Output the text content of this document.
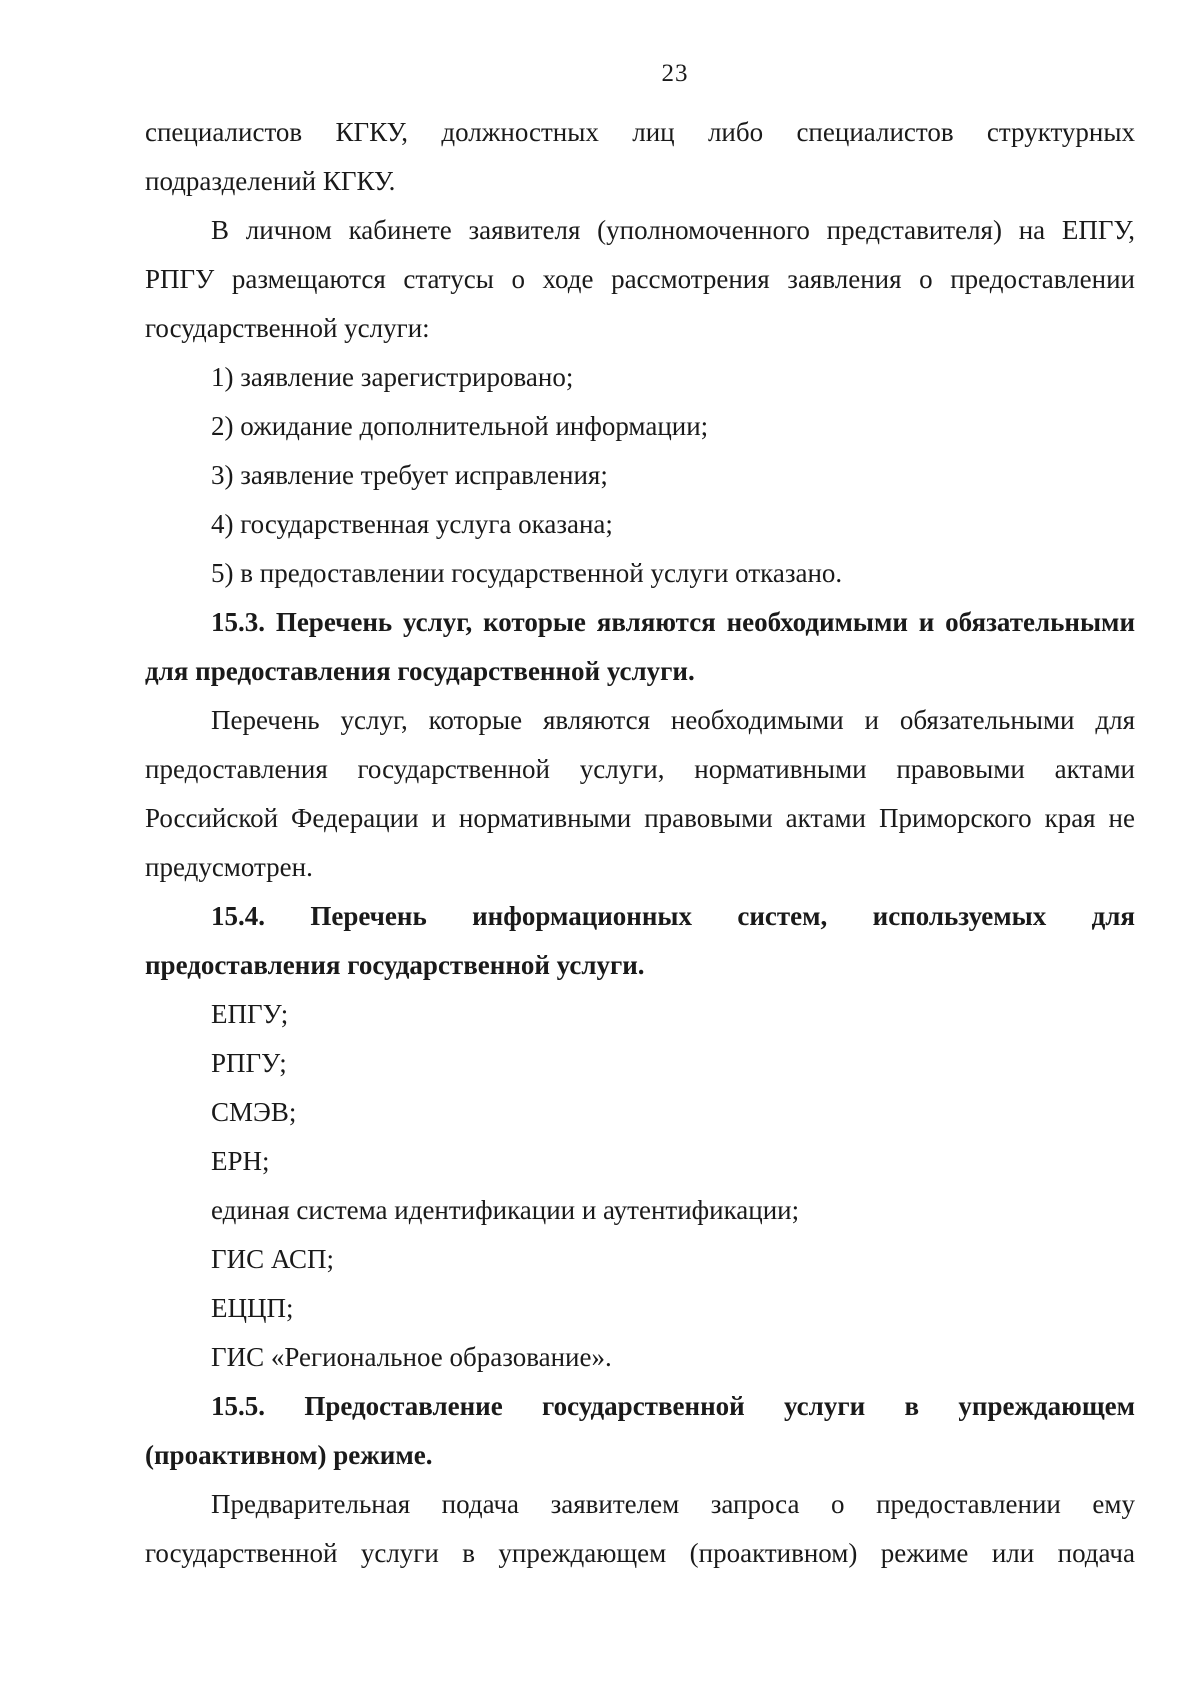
23

специалистов КГКУ, должностных лиц либо специалистов структурных

подразделений КГКУ.

В личном кабинете заявителя (уполномоченного представителя) на ЕПГУ, РПГУ размещаются статусы о ходе рассмотрения заявления о предоставлении государственной услуги:

1) заявление зарегистрировано;

2) ожидание дополнительной информации;

3) заявление требует исправления;

4) государственная услуга оказана;

5) в предоставлении государственной услуги отказано.

15.3. Перечень услуг, которые являются необходимыми и обязательными для предоставления государственной услуги.

Перечень услуг, которые являются необходимыми и обязательными для предоставления государственной услуги, нормативными правовыми актами Российской Федерации и нормативными правовыми актами Приморского края не предусмотрен.

15.4. Перечень информационных систем, используемых для предоставления государственной услуги.

ЕПГУ;

РПГУ;

СМЭВ;

ЕРН;

единая система идентификации и аутентификации;

ГИС АСП;

ЕЦЦП;

ГИС «Региональное образование».

15.5. Предоставление государственной услуги в упреждающем (проактивном) режиме.

Предварительная подача заявителем запроса о предоставлении ему

государственной услуги в упреждающем (проактивном) режиме или подача
